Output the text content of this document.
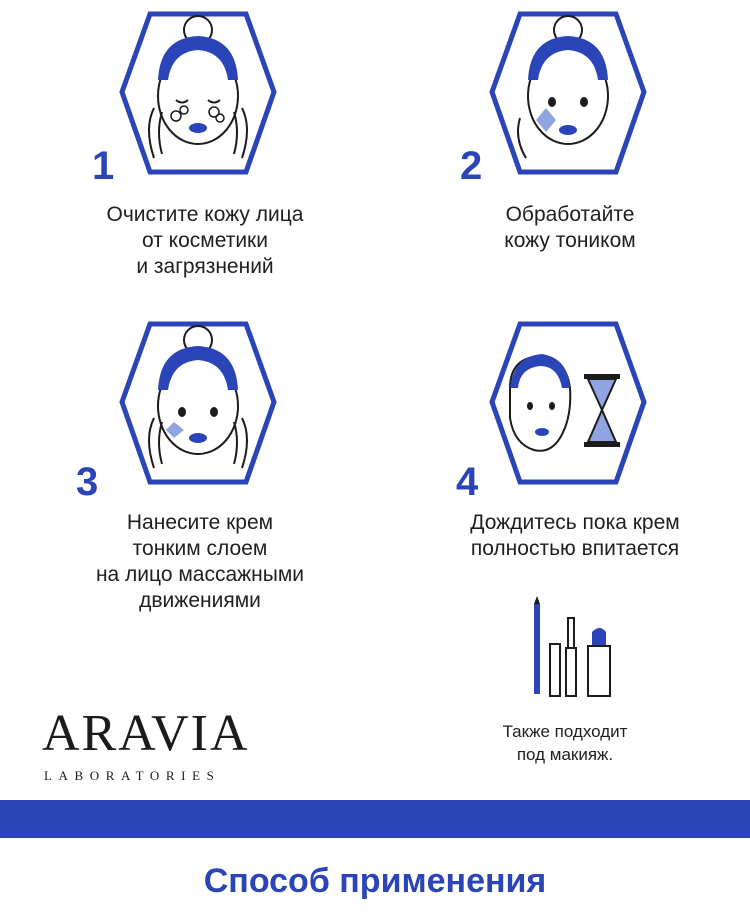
1
Очистите кожу лица
от косметики
и загрязнений
2
Обработайте
кожу тоником
3
Нанесите крем
тонким слоем
на лицо массажными
движениями
4
Дождитесь пока крем
полностью впитается
Также подходит
под макияж.
ARAVIA
LABORATORIES
Способ применения
